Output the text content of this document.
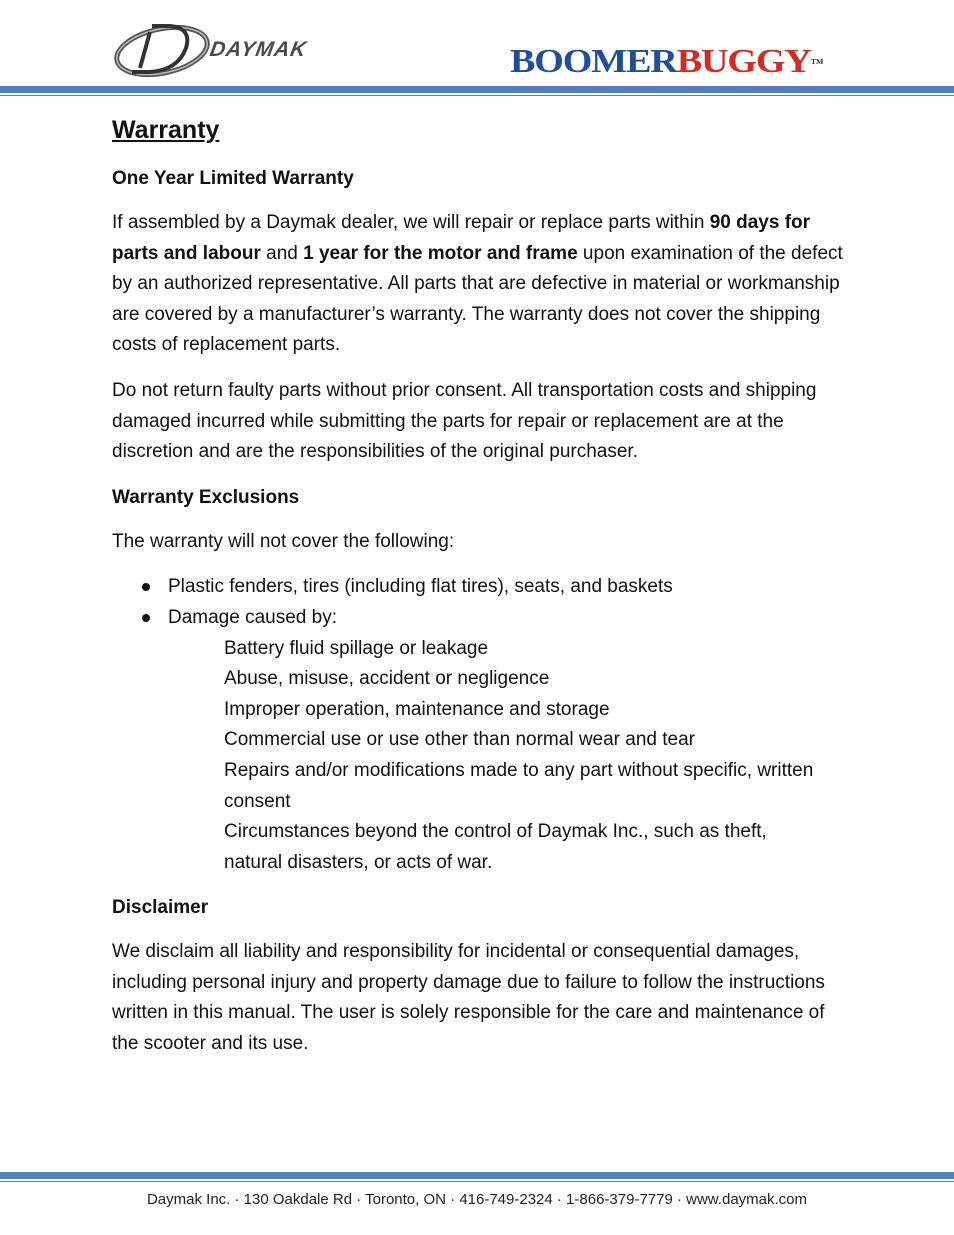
DAYMAK	BOOMERBUGGYTM
Warranty
One Year Limited Warranty

If assembled by a Daymak dealer, we will repair or replace parts within 90 days for parts and labour and 1 year for the motor and frame upon examination of the defect by an authorized representative. All parts that are defective in material or workmanship are covered by a manufacturer’s warranty. The warranty does not cover the shipping costs of replacement parts.

Do not return faulty parts without prior consent. All transportation costs and shipping damaged incurred while submitting the parts for repair or replacement are at the discretion and are the responsibilities of the original purchaser.

Warranty Exclusions

The warranty will not cover the following:

Plastic fenders, tires (including flat tires), seats, and baskets
Damage caused by:
Battery fluid spillage or leakage
Abuse, misuse, accident or negligence
Improper operation, maintenance and storage
Commercial use or use other than normal wear and tear
Repairs and/or modifications made to any part without specific, written consent
Circumstances beyond the control of Daymak Inc., such as theft, natural disasters, or acts of war.
Disclaimer

We disclaim all liability and responsibility for incidental or consequential damages, including personal injury and property damage due to failure to follow the instructions written in this manual. The user is solely responsible for the care and maintenance of the scooter and its use.

Daymak Inc. · 130 Oakdale Rd · Toronto, ON · 416-749-2324 · 1-866-379-7779 · www.daymak.com
